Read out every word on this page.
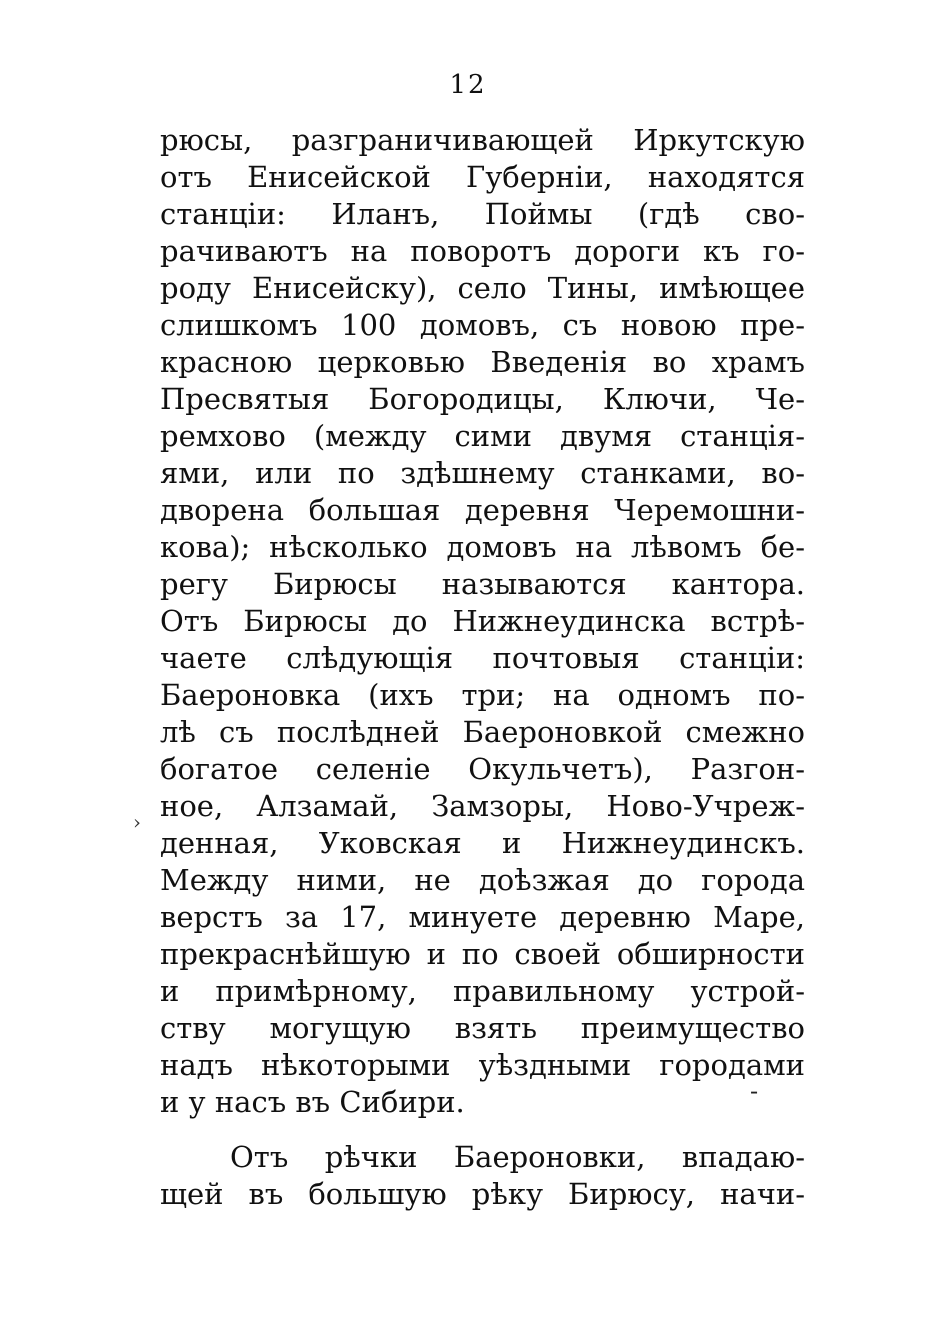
12
›
-
рюсы, разграничивающей Иркутскую
отъ Енисейской Губерніи, находятся
станціи: Иланъ, Поймы (гдѣ сво-
рачиваютъ на поворотъ дороги къ го-
роду Енисейску), село Тины, имѣющее
слишкомъ 100 домовъ, съ новою пре-
красною церковью Введенія во храмъ
Пресвятыя Богородицы, Ключи, Че-
ремхово (между сими двумя станція-
ями, или по здѣшнему станками, во-
дворена большая деревня Черемошни-
кова); нѣсколько домовъ на лѣвомъ бе-
регу Бирюсы называются кантора.
Отъ Бирюсы до Нижнеудинска встрѣ-
чаете слѣдующія почтовыя станціи:
Баероновка (ихъ три; на одномъ по-
лѣ съ послѣдней Баероновкой смежно
богатое селеніе Окульчетъ), Разгон-
ное, Алзамай, Замзоры, Ново-Учреж-
денная, Уковская и Нижнеудинскъ.
Между ними, не доѣзжая до города
верстъ за 17, минуете деревню Маре,
прекраснѣйшую и по своей обширности
и примѣрному, правильному устрой-
ству могущую взять преимущество
надъ нѣкоторыми уѣздными городами
и у насъ въ Сибири.
Отъ рѣчки Баероновки, впадаю-
щей въ большую рѣку Бирюсу, начи-
